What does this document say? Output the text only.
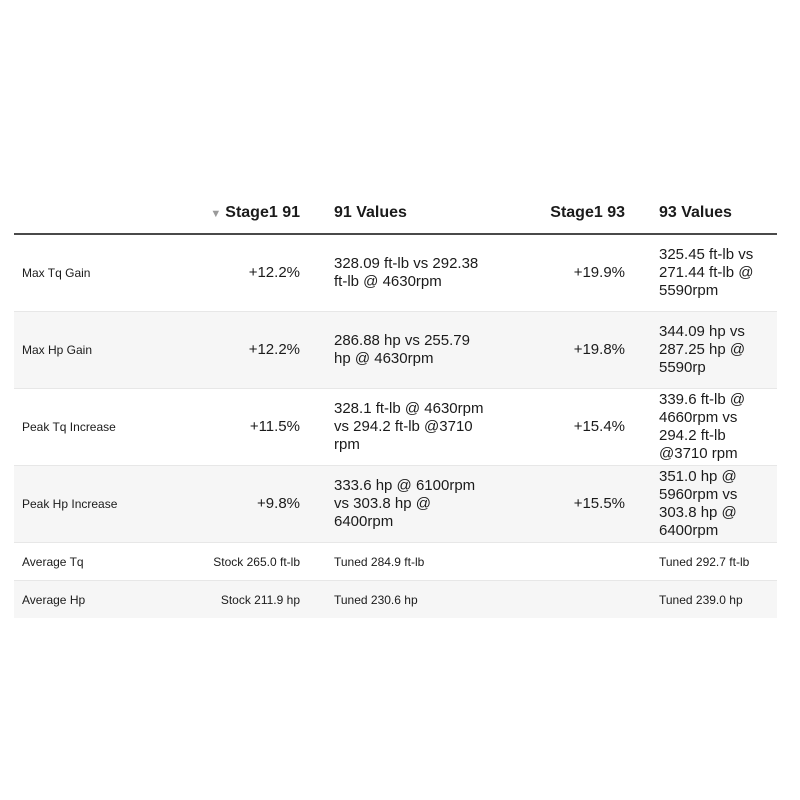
	▼ Stage1 91	91 Values	Stage1 93	93 Values
Max Tq Gain	+12.2%	328.09 ft-lb vs 292.38 ft-lb @ 4630rpm	+19.9%	325.45 ft-lb vs 271.44 ft-lb @ 5590rpm
Max Hp Gain	+12.2%	286.88 hp vs 255.79 hp @ 4630rpm	+19.8%	344.09 hp vs 287.25 hp @ 5590rp
Peak Tq Increase	+11.5%	328.1 ft-lb @ 4630rpm vs 294.2 ft-lb @3710 rpm	+15.4%	339.6 ft-lb @ 4660rpm vs 294.2 ft-lb @3710 rpm
Peak Hp Increase	+9.8%	333.6 hp @ 6100rpm vs 303.8 hp @ 6400rpm	+15.5%	351.0 hp @ 5960rpm vs 303.8 hp @ 6400rpm
Average Tq	Stock 265.0 ft-lb	Tuned 284.9 ft-lb		Tuned 292.7 ft-lb
Average Hp	Stock 211.9 hp	Tuned 230.6 hp		Tuned 239.0 hp
